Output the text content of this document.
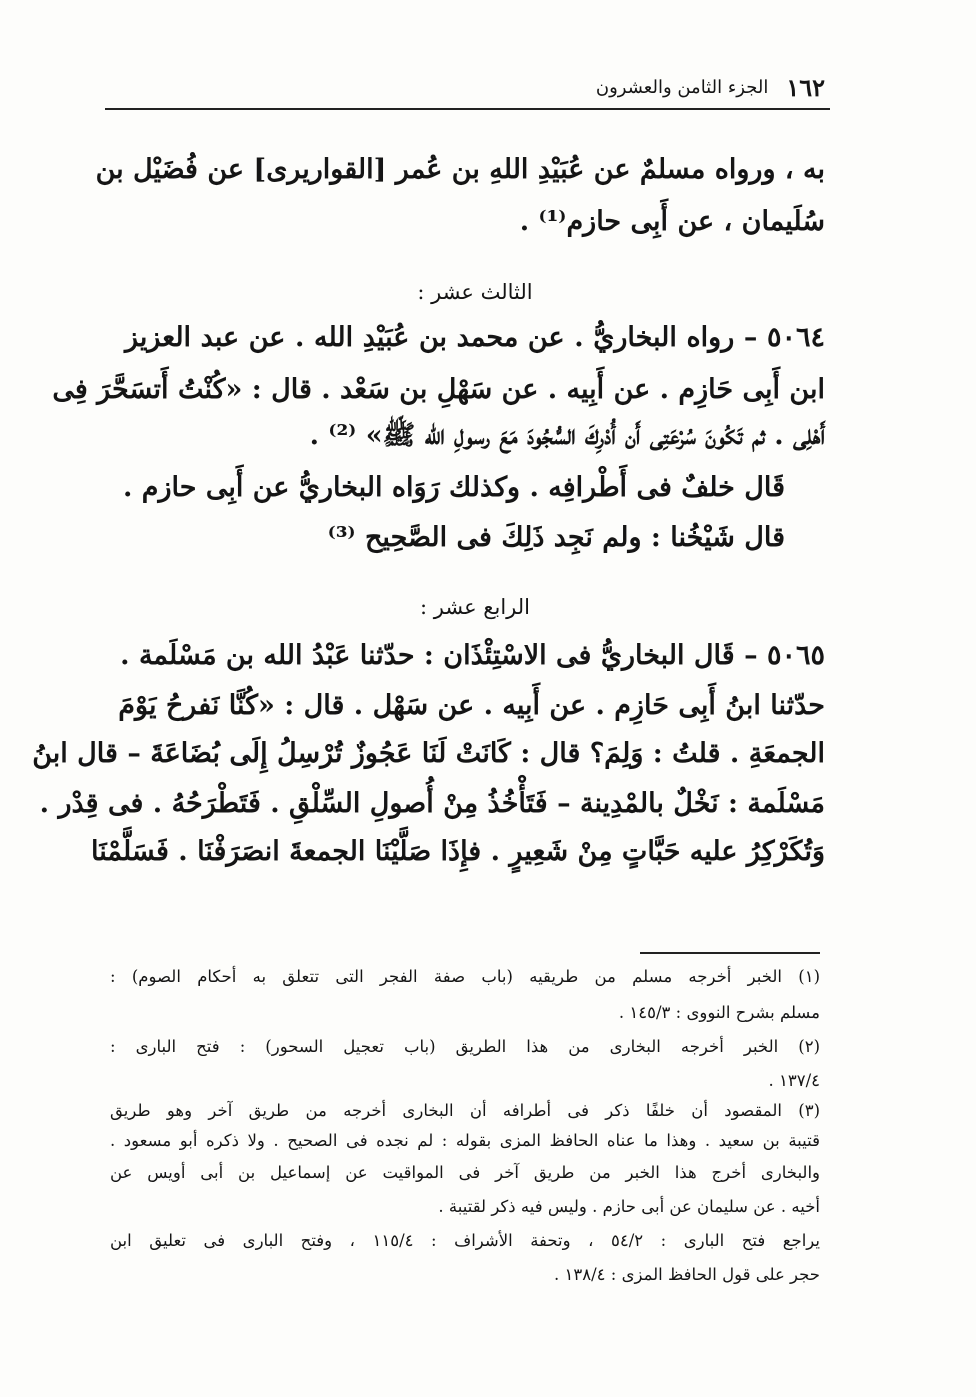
١٦٢
الجزء الثامن والعشرون
به ، ورواه مسلمٌ عن عُبَيْدِ اللهِ بن عُمر [القواريرى] عن فُضَيْل بن
سُلَيمان ، عن أَبِى حازم⁽¹⁾ .
الثالث عشر :
٥٠٦٤ – رواه البخاريُّ . عن محمد بن عُبَيْدِ الله . عن عبد العزيز
ابن أَبِى حَازِم . عن أَبِيه . عن سَهْلِ بن سَعْد . قال : «كُنْتُ أَتسَحَّرَ فِى
أَهْلِى . ثم تَكُونَ سُرْعَتِى أَن أُدْرِكَ السُّجُودَ مَعَ رسولِ الله ﷺ» ⁽²⁾ .
قَال خلفٌ فى أَطْرافِه . وكذلك رَوَاه البخاريُّ عن أَبِى حازم .
قال شَيْخُنا : ولم نَجِد ذَلِكَ فى الصَّحِيح ⁽³⁾
الرابع عشر :
٥٠٦٥ – قَال البخاريُّ فى الاسْتِئْذَان : حدّثنا عَبْدُ الله بن مَسْلَمة .
حدّثنا ابنُ أَبِى حَازِم . عن أَبِيه . عن سَهْل . قال : «كُنَّا نَفرحُ يَوْمَ
الجمعَةِ . قلتُ : وَلِمَ؟ قال : كَانَتْ لَنَا عَجُوزٌ تُرْسِلُ إِلَى بُضَاعَةَ – قال ابنُ
مَسْلَمة : نَخْلٌ بالمْدِينة – فَتَأْخُذُ مِنْ أُصولِ السِّلْقِ . فَتَطْرَحُهُ . فى قِدْر .
وَتُكَرْكِرُ عليه حَبَّاتٍ مِنْ شَعِيرٍ . فإِذَا صَلَّيْنَا الجمعةَ انصَرَفْنَا . فَسَلَّمْنَا
(١) الخبر أخرجه مسلم من طريقيه (باب صفة الفجر التى تتعلق به أحكام الصوم) :
مسلم بشرح النووى : ١٤٥/٣ .
(٢) الخبر أخرجه البخارى من هذا الطريق (باب تعجيل السحور) : فتح البارى :
١٣٧/٤ .
(٣) المقصود أن خلفًا ذكر فى أطرافه أن البخارى أخرجه من طريق آخر وهو طريق
قتيبة بن سعيد . وهذا ما عناه الحافظ المزى بقوله : لم نجده فى الصحيح . ولا ذكره أبو مسعود .
والبخارى أخرج هذا الخبر من طريق آخر فى المواقيت عن إسماعيل بن أبى أويس عن
أخيه . عن سليمان عن أبى حازم . وليس فيه ذكر لقتيبة .
يراجع فتح البارى : ٥٤/٢ ، وتحفة الأشراف : ١١٥/٤ ، وفتح البارى فى تعليق ابن
حجر على قول الحافظ المزى : ١٣٨/٤ .
